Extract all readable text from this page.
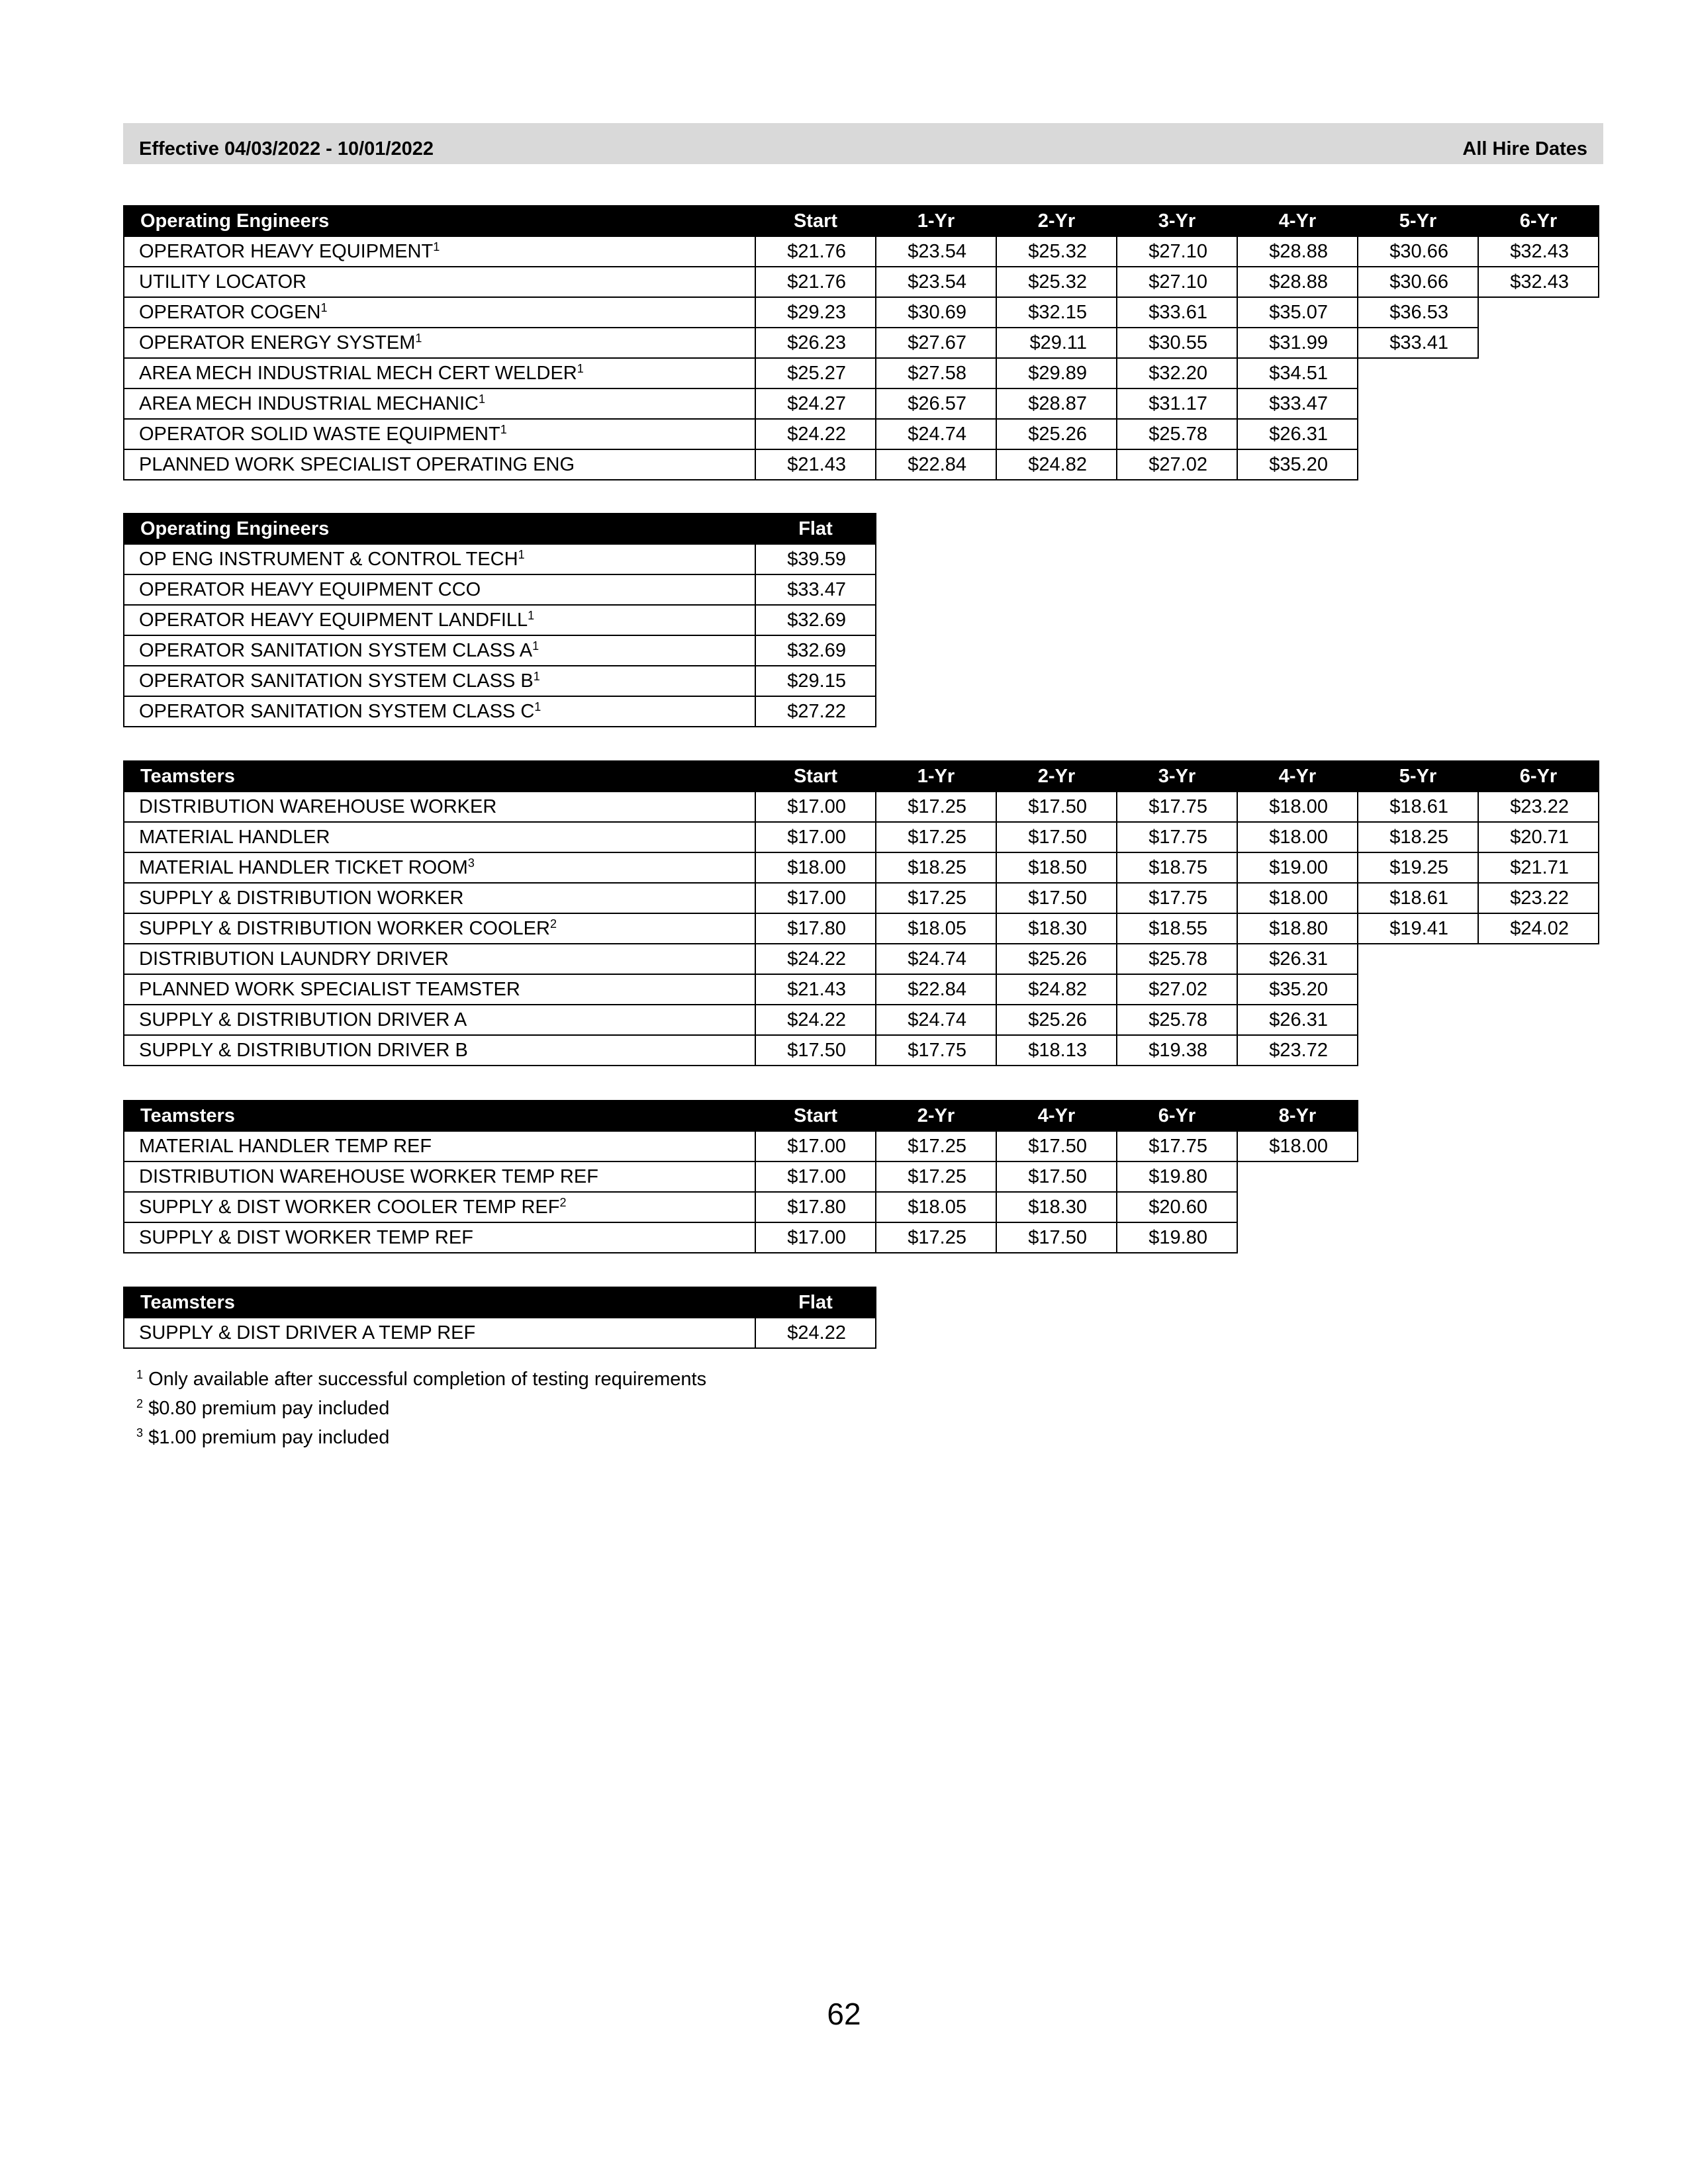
Effective 04/03/2022 - 10/01/2022	All Hire Dates
Operating Engineers	Start	1-Yr	2-Yr	3-Yr	4-Yr	5-Yr	6-Yr
OPERATOR HEAVY EQUIPMENT$^1$	$21.76	$23.54	$25.32	$27.10	$28.88	$30.66	$32.43
UTILITY LOCATOR	$21.76	$23.54	$25.32	$27.10	$28.88	$30.66	$32.43
OPERATOR COGEN$^1$	$29.23	$30.69	$32.15	$33.61	$35.07	$36.53	
OPERATOR ENERGY SYSTEM$^1$	$26.23	$27.67	$29.11	$30.55	$31.99	$33.41	
AREA MECH INDUSTRIAL MECH CERT WELDER$^1$	$25.27	$27.58	$29.89	$32.20	$34.51		
AREA MECH INDUSTRIAL MECHANIC$^1$	$24.27	$26.57	$28.87	$31.17	$33.47		
OPERATOR SOLID WASTE EQUIPMENT$^1$	$24.22	$24.74	$25.26	$25.78	$26.31		
PLANNED WORK SPECIALIST OPERATING ENG	$21.43	$22.84	$24.82	$27.02	$35.20		
Operating Engineers	Flat
OP ENG INSTRUMENT & CONTROL TECH$^1$	$39.59
OPERATOR HEAVY EQUIPMENT CCO	$33.47
OPERATOR HEAVY EQUIPMENT LANDFILL$^1$	$32.69
OPERATOR SANITATION SYSTEM CLASS $A^1$	$32.69
OPERATOR SANITATION SYSTEM CLASS $B^1$	$29.15
OPERATOR SANITATION SYSTEM CLASS $C^1$	$27.22
Teamsters	Start	1-Yr	2-Yr	3-Yr	4-Yr	5-Yr	6-Yr
DISTRIBUTION WAREHOUSE WORKER	$17.00	$17.25	$17.50	$17.75	$18.00	$18.61	$23.22
MATERIAL HANDLER	$17.00	$17.25	$17.50	$17.75	$18.00	$18.25	$20.71
MATERIAL HANDLER TICKET ROOM$^3$	$18.00	$18.25	$18.50	$18.75	$19.00	$19.25	$21.71
SUPPLY & DISTRIBUTION WORKER	$17.00	$17.25	$17.50	$17.75	$18.00	$18.61	$23.22
SUPPLY & DISTRIBUTION WORKER COOLER$^2$	$17.80	$18.05	$18.30	$18.55	$18.80	$19.41	$24.02
DISTRIBUTION LAUNDRY DRIVER	$24.22	$24.74	$25.26	$25.78	$26.31		
PLANNED WORK SPECIALIST TEAMSTER	$21.43	$22.84	$24.82	$27.02	$35.20		
SUPPLY & DISTRIBUTION DRIVER A	$24.22	$24.74	$25.26	$25.78	$26.31		
SUPPLY & DISTRIBUTION DRIVER B	$17.50	$17.75	$18.13	$19.38	$23.72		
Teamsters	Start	2-Yr	4-Yr	6-Yr	8-Yr
MATERIAL HANDLER TEMP REF	$17.00	$17.25	$17.50	$17.75	$18.00
DISTRIBUTION WAREHOUSE WORKER TEMP REF	$17.00	$17.25	$17.50	$19.80	
SUPPLY & DIST WORKER COOLER TEMP REF$^2$	$17.80	$18.05	$18.30	$20.60	
SUPPLY & DIST WORKER TEMP REF	$17.00	$17.25	$17.50	$19.80	
Teamsters	Flat
SUPPLY & DIST DRIVER A TEMP REF	$24.22
$^1$ Only available after successful completion of testing requirements
$^2$ $0.80 premium pay included
$^3$ $1.00 premium pay included
62
